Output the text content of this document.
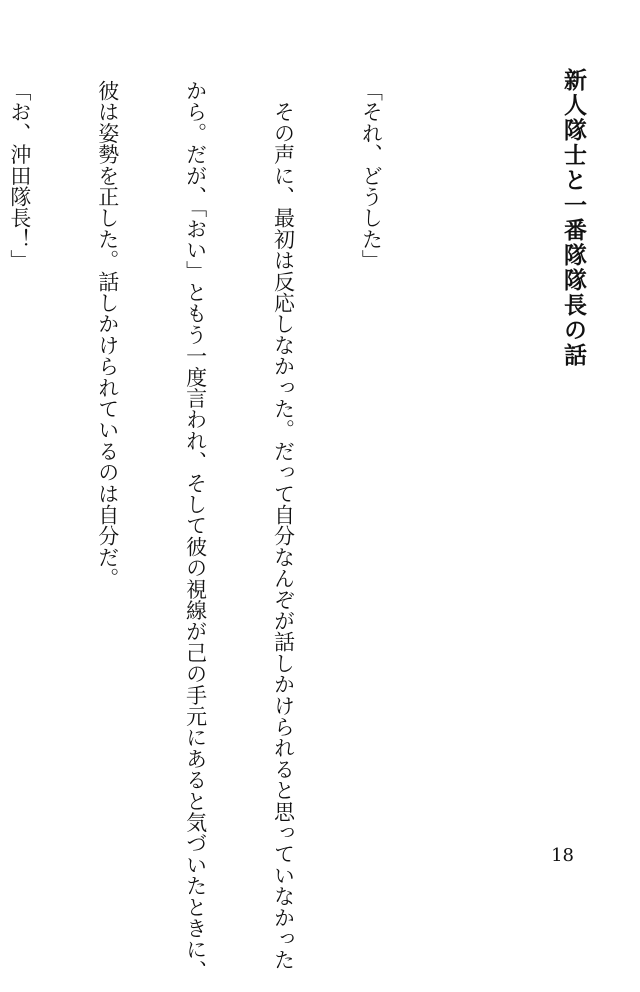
新人隊士と一番隊隊長の話

「それ、どうした」

　その声に、最初は反応しなかった。だって自分なんぞが話しかけられると思っていなかった

から。だが、「おい」ともう一度言われ、そして彼の視線が己の手元にあると気づいたときに、

彼は姿勢を正した。話しかけられているのは自分だ。

「お、沖田隊長！」

18
